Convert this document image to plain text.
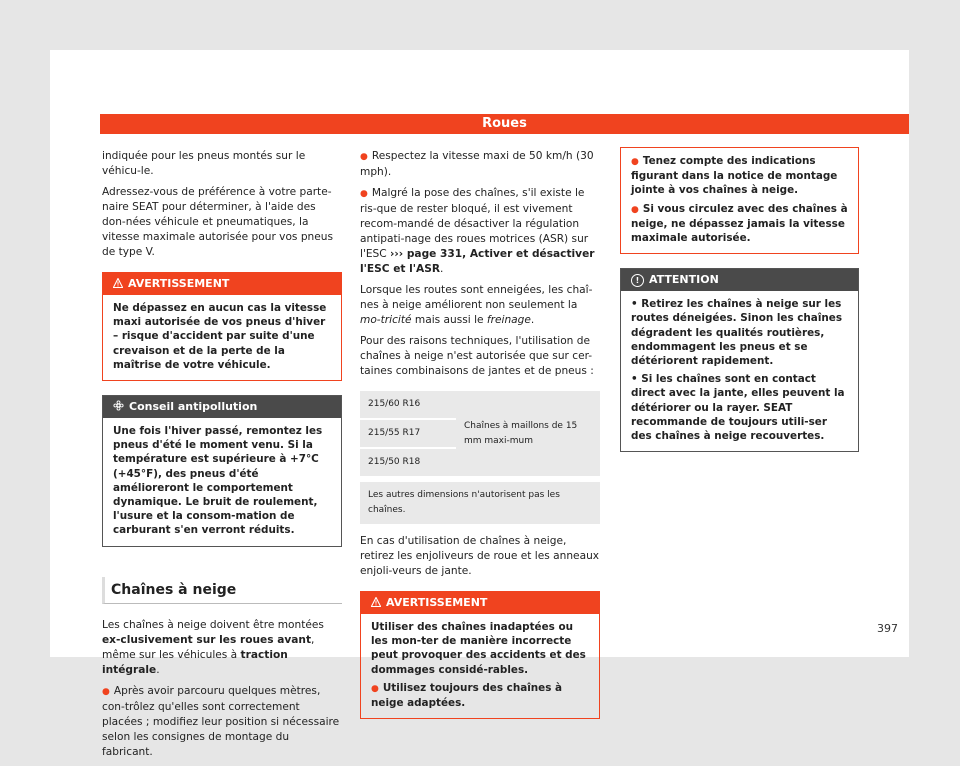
Roues

indiquée pour les pneus montés sur le véhicu-le.

Adressez-vous de préférence à votre parte-naire SEAT pour déterminer, à l'aide des don-nées véhicule et pneumatiques, la vitesse maximale autorisée pour vos pneus de type V.

AVERTISSEMENT

Ne dépassez en aucun cas la vitesse maxi autorisée de vos pneus d'hiver – risque d'accident par suite d'une crevaison et de la perte de la maîtrise de votre véhicule.

Conseil antipollution

Une fois l'hiver passé, remontez les pneus d'été le moment venu. Si la température est supérieure à +7°C (+45°F), des pneus d'été amélioreront le comportement dynamique. Le bruit de roulement, l'usure et la consom-mation de carburant s'en verront réduits.

Chaînes à neige

Les chaînes à neige doivent être montées ex-clusivement sur les roues avant, même sur les véhicules à traction intégrale.

● Après avoir parcouru quelques mètres, con-trôlez qu'elles sont correctement placées ; modifiez leur position si nécessaire selon les consignes de montage du fabricant.

● Respectez la vitesse maxi de 50 km/h (30 mph).

● Malgré la pose des chaînes, s'il existe le ris-que de rester bloqué, il est vivement recom-mandé de désactiver la régulation antipati-nage des roues motrices (ASR) sur l'ESC ››› page 331, Activer et désactiver l'ESC et l'ASR.

Lorsque les routes sont enneigées, les chaî-nes à neige améliorent non seulement la mo-tricité mais aussi le freinage.

Pour des raisons techniques, l'utilisation de chaînes à neige n'est autorisée que sur cer-taines combinaisons de jantes et de pneus :

215/60 R16	Chaînes à maillons de 15 mm maxi-mum
215/55 R17
215/50 R18
Les autres dimensions n'autorisent pas les chaînes.

En cas d'utilisation de chaînes à neige, retirez les enjoliveurs de roue et les anneaux enjoli-veurs de jante.

AVERTISSEMENT

Utiliser des chaînes inadaptées ou les mon-ter de manière incorrecte peut provoquer des accidents et des dommages considé-rables.

● Utilisez toujours des chaînes à neige adaptées.

● Tenez compte des indications figurant dans la notice de montage jointe à vos chaînes à neige.

● Si vous circulez avec des chaînes à neige, ne dépassez jamais la vitesse maximale autorisée.

! ATTENTION

• Retirez les chaînes à neige sur les routes déneigées. Sinon les chaînes dégradent les qualités routières, endommagent les pneus et se détériorent rapidement.

• Si les chaînes sont en contact direct avec la jante, elles peuvent la détériorer ou la rayer. SEAT recommande de toujours utili-ser des chaînes à neige recouvertes.

397
